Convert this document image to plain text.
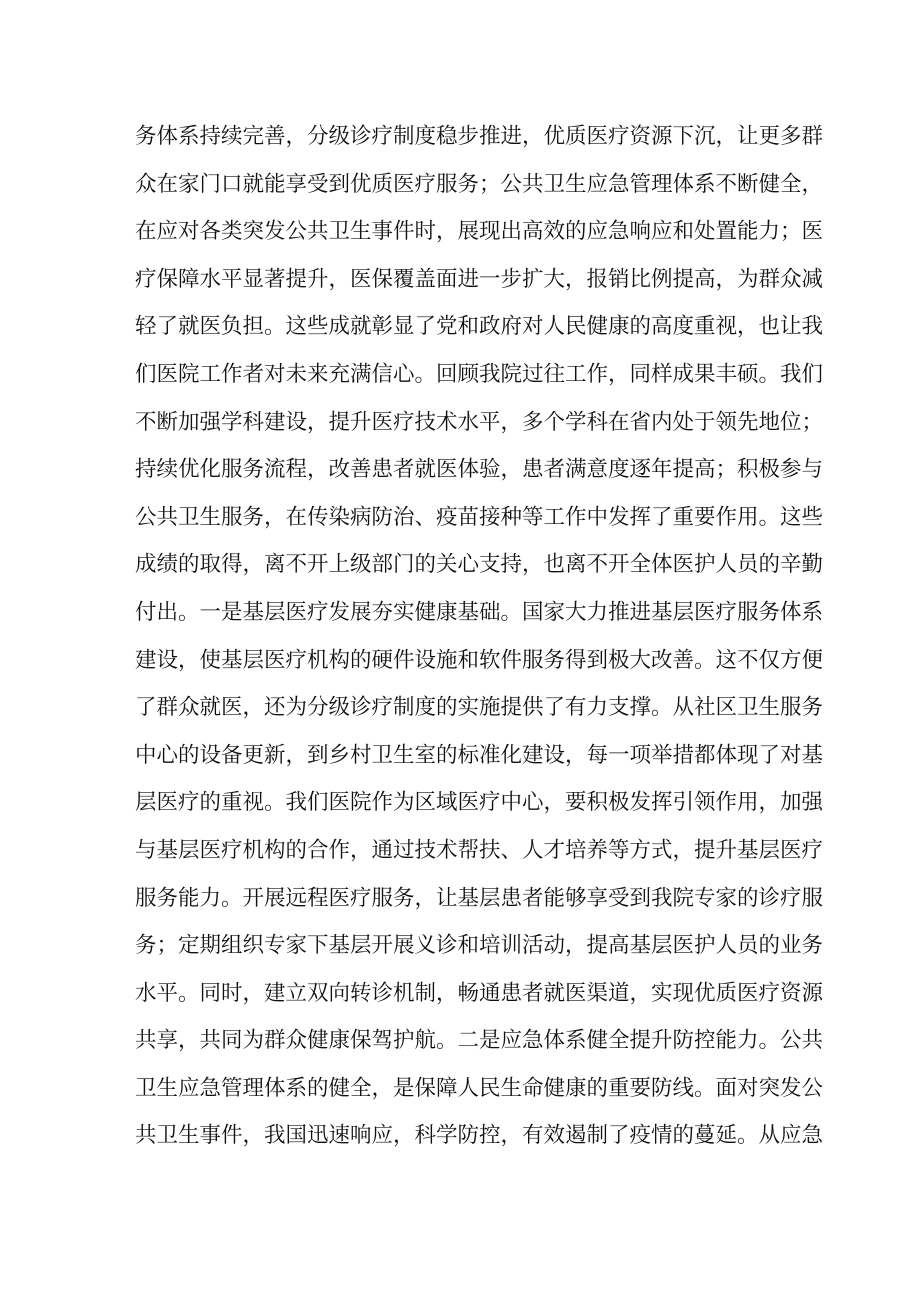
务体系持续完善，分级诊疗制度稳步推进，优质医疗资源下沉，让更多群
众在家门口就能享受到优质医疗服务；公共卫生应急管理体系不断健全，
在应对各类突发公共卫生事件时，展现出高效的应急响应和处置能力；医
疗保障水平显著提升，医保覆盖面进一步扩大，报销比例提高，为群众减
轻了就医负担。这些成就彰显了党和政府对人民健康的高度重视，也让我
们医院工作者对未来充满信心。回顾我院过往工作，同样成果丰硕。我们
不断加强学科建设，提升医疗技术水平，多个学科在省内处于领先地位；
持续优化服务流程，改善患者就医体验，患者满意度逐年提高；积极参与
公共卫生服务，在传染病防治、疫苗接种等工作中发挥了重要作用。这些
成绩的取得，离不开上级部门的关心支持，也离不开全体医护人员的辛勤
付出。一是基层医疗发展夯实健康基础。国家大力推进基层医疗服务体系
建设，使基层医疗机构的硬件设施和软件服务得到极大改善。这不仅方便
了群众就医，还为分级诊疗制度的实施提供了有力支撑。从社区卫生服务
中心的设备更新，到乡村卫生室的标准化建设，每一项举措都体现了对基
层医疗的重视。我们医院作为区域医疗中心，要积极发挥引领作用，加强
与基层医疗机构的合作，通过技术帮扶、人才培养等方式，提升基层医疗
服务能力。开展远程医疗服务，让基层患者能够享受到我院专家的诊疗服
务；定期组织专家下基层开展义诊和培训活动，提高基层医护人员的业务
水平。同时，建立双向转诊机制，畅通患者就医渠道，实现优质医疗资源
共享，共同为群众健康保驾护航。二是应急体系健全提升防控能力。公共
卫生应急管理体系的健全，是保障人民生命健康的重要防线。面对突发公
共卫生事件，我国迅速响应，科学防控，有效遏制了疫情的蔓延。从应急
